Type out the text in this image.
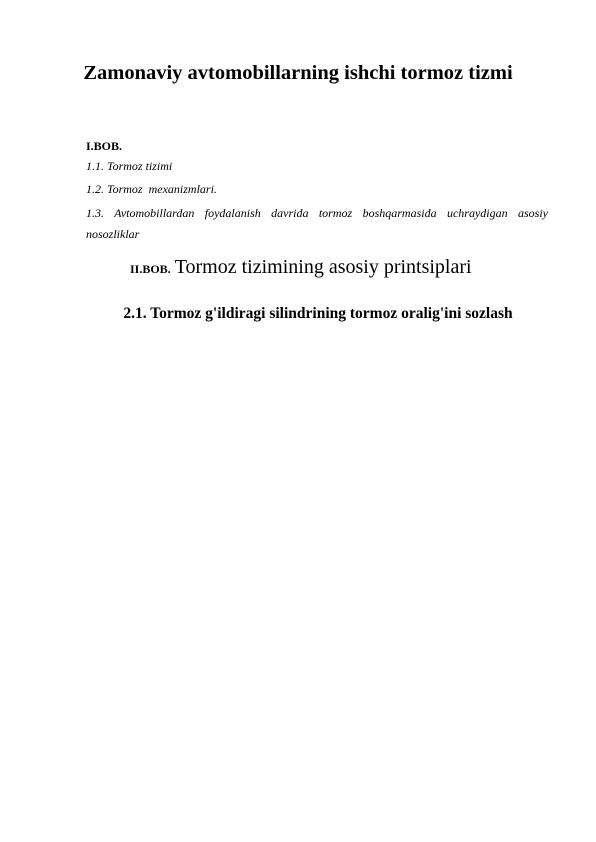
Zamonaviy avtomobillarning ishchi tormoz tizmi
I.BOB.
1.1. Tormoz tizimi
1.2. Tormoz  mexanizmlari.
1.3. Avtomobillardan foydalanish davrida tormoz boshqarmasida uchraydigan asosiy nosozliklar
II.BOB. Tormoz tizimining asosiy printsiplari
2.1. Tormoz g'ildiragi silindrining tormoz oralig'ini sozlash
